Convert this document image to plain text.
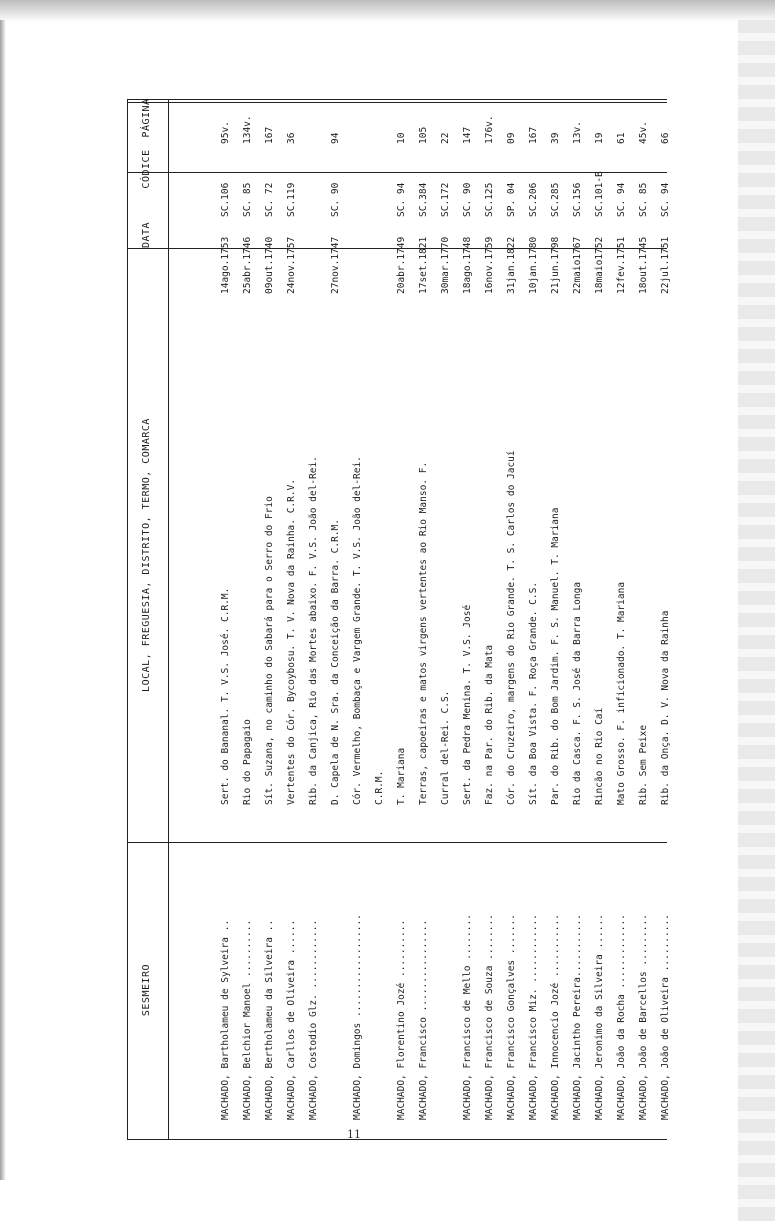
SESMEIRO
LOCAL, FREGUESIA, DISTRITO, TERMO, COMARCA
DATA
CÓDICE
PÁGINA
MACHADO, Bartholameu de Sylveira ..
Sert. do Bananal. T. V.S. José. C.R.M.
14ago.1753
SC.106
95v.
MACHADO, Belchior Manoel ..........
Rio do Papagaio
25abr.1746
SC. 85
134v.
MACHADO, Bertholameu da Silveira ..
Sít. Suzana, no caminho do Sabará para o Serro do Frio
09out.1740
SC. 72
167
MACHADO, Carllos de Oliveira ......
Vertentes do Cór. Bycoybosu. T. V. Nova da Rainha. C.R.V.
24nov.1757
SC.119
36
MACHADO, Costodio Glz. ............
Rib. da Canjica, Rio das Mortes abaixo. F. V.S. João del-Rei.	D. Capela de N. Sra. da Conceição da Barra. C.R.M.
27nov.1747
SC. 90
94
MACHADO, Domingos ..................
Cór. Vermelho, Bombaça e Vargem Grande. T. V.S. João del-Rei.	C.R.M.
MACHADO, Florentino Jozé ..........
T. Mariana
20abr.1749
SC. 94
10
MACHADO, Francisco ................
Terras, capoeiras e matos virgens vertentes ao Rio Manso. F.
17set.1821
SC.384
105
Curral del-Rei. C.S.
30mar.1770
SC.172
22
MACHADO, Francisco de Mello ........
Sert. da Pedra Menina. T. V.S. José
18ago.1748
SC. 90
147
MACHADO, Francisco de Souza ........
Faz. na Par. do Rib. da Mata
16nov.1759
SC.125
176v.
MACHADO, Francisco Gonçalves .......
Cór. do Cruzeiro, margens do Rio Grande. T. S. Carlos do Jacuí
31jan.1822
SP. 04
09
MACHADO, Francisco Miz. ............
Sít. da Boa Vista. F. Roça Grande. C.S.
10jan.1780
SC.206
167
MACHADO, Innocencio Jozé ...........
Par. do Rib. do Bom Jardim. F. S. Manuel. T. Mariana
21jun.1798
SC.285
39
MACHADO, Jacintho Pereira...........
Rio da Casca. F. S. José da Barra Longa
22maio1767
SC.156
13v.
MACHADO, Jeronimo da Silveira ......
Rincão no Rio Caí
18maio1752
SC.101-B
19
MACHADO, João da Rocha .............
Mato Grosso. F. inficionado. T. Mariana
12fev.1751
SC. 94
61
MACHADO, João de Barcellos .........
Rib. Sem Peixe
18out.1745
SC. 85
45v.
MACHADO, João de Oliveira ..........
Rib. da Onça. D. V. Nova da Rainha
22jul.1751
SC. 94
66
11
